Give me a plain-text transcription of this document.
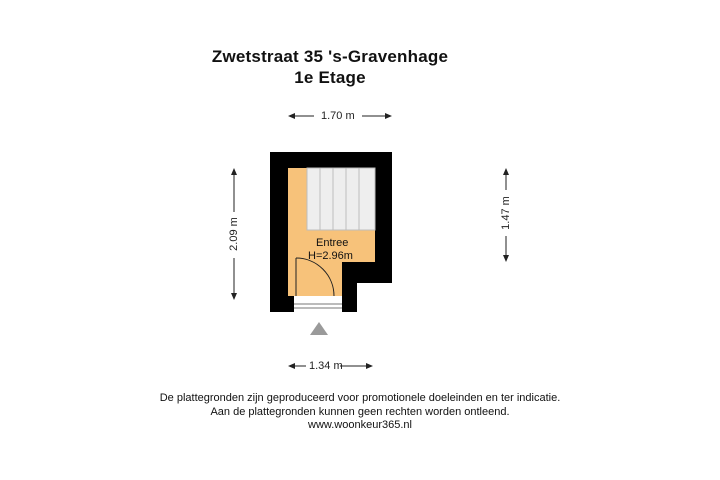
Zwetstraat 35 's-Gravenhage
1e Etage
1.70 m
1.34 m
2.09 m
1.47 m
Entree
H=2.96m
De plattegronden zijn geproduceerd voor promotionele doeleinden en ter indicatie.
Aan de plattegronden kunnen geen rechten worden ontleend.
www.woonkeur365.nl
